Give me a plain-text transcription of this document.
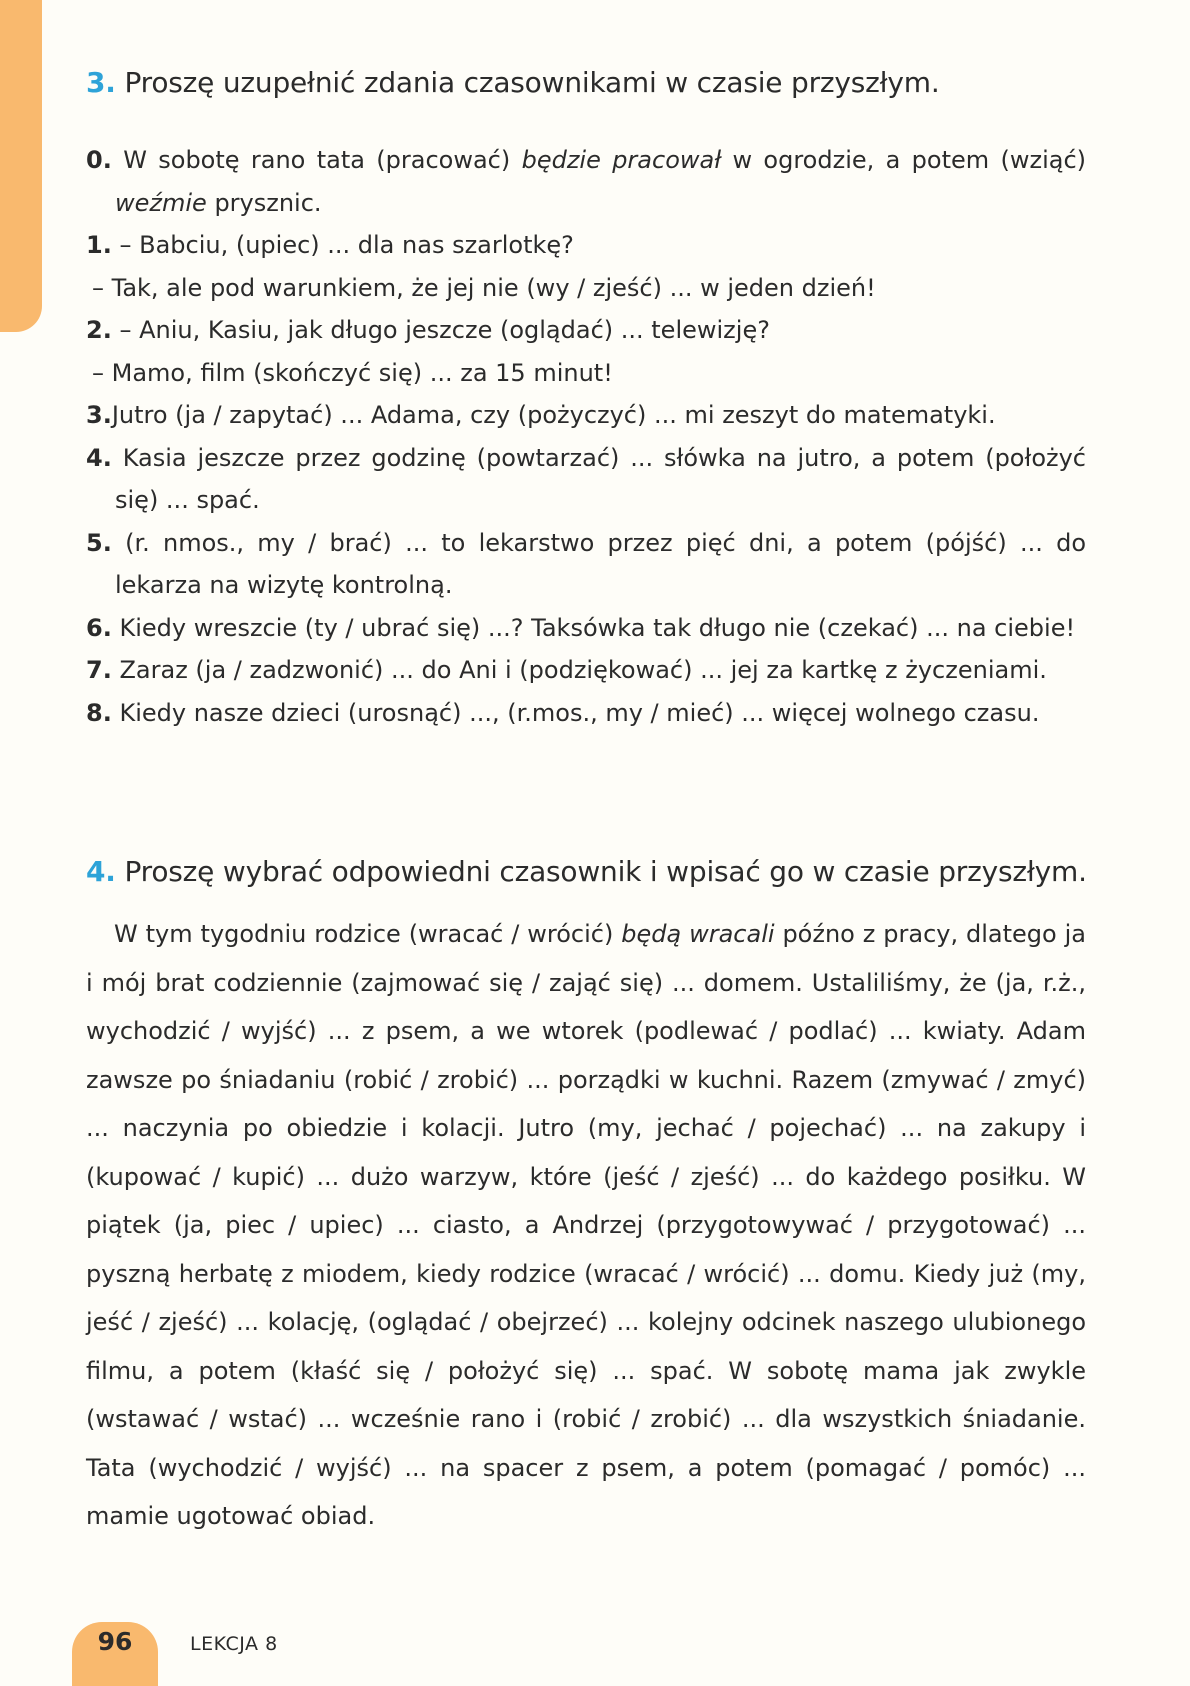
3. Proszę uzupełnić zdania czasownikami w czasie przyszłym.
0. W sobotę rano tata (pracować) będzie pracował w ogrodzie, a potem (wziąć) weźmie prysznic.
1. – Babciu, (upiec) ... dla nas szarlotkę?
– Tak, ale pod warunkiem, że jej nie (wy / zjeść) ... w jeden dzień!
2. – Aniu, Kasiu, jak długo jeszcze (oglądać) ... telewizję?
– Mamo, film (skończyć się) ... za 15 minut!
3.Jutro (ja / zapytać) ... Adama, czy (pożyczyć) ... mi zeszyt do matematyki.
4. Kasia jeszcze przez godzinę (powtarzać) ... słówka na jutro, a potem (położyć się) ... spać.
5. (r. nmos., my / brać) ... to lekarstwo przez pięć dni, a potem (pójść) ... do lekarza na wizytę kontrolną.
6. Kiedy wreszcie (ty / ubrać się) ...? Taksówka tak długo nie (czekać) ... na ciebie!
7. Zaraz (ja / zadzwonić) ... do Ani i (podziękować) ... jej za kartkę z życzeniami.
8. Kiedy nasze dzieci (urosnąć) ..., (r.mos., my / mieć) ... więcej wolnego czasu.
4. Proszę wybrać odpowiedni czasownik i wpisać go w czasie przyszłym.

W tym tygodniu rodzice (wracać / wrócić) będą wracali późno z pracy, dlatego ja i mój brat codziennie (zajmować się / zająć się) ... domem. Ustaliliśmy, że (ja, r.ż., wychodzić / wyjść) ... z psem, a we wtorek (podlewać / podlać) ... kwiaty. Adam zawsze po śniadaniu (robić / zrobić) ... porządki w kuchni. Razem (zmywać / zmyć) ... naczynia po obiedzie i kolacji. Jutro (my, jechać / pojechać) ... na zakupy i (kupować / kupić) ... dużo warzyw, które (jeść / zjeść) ... do każdego posiłku. W piątek (ja, piec / upiec) ... ciasto, a Andrzej (przygotowywać / przygotować) ... pyszną herbatę z miodem, kiedy rodzice (wracać / wrócić) ... domu. Kiedy już (my, jeść / zjeść) ... kolację, (oglądać / obejrzeć) ... kolejny odcinek naszego ulubionego filmu, a potem (kłaść się / położyć się) ... spać. W sobotę mama jak zwykle (wstawać / wstać) ... wcześnie rano i (robić / zrobić) ... dla wszystkich śniadanie. Tata (wychodzić / wyjść) ... na spacer z psem, a potem (pomagać / pomóc) ... mamie ugotować obiad.

96	LEKCJA 8
